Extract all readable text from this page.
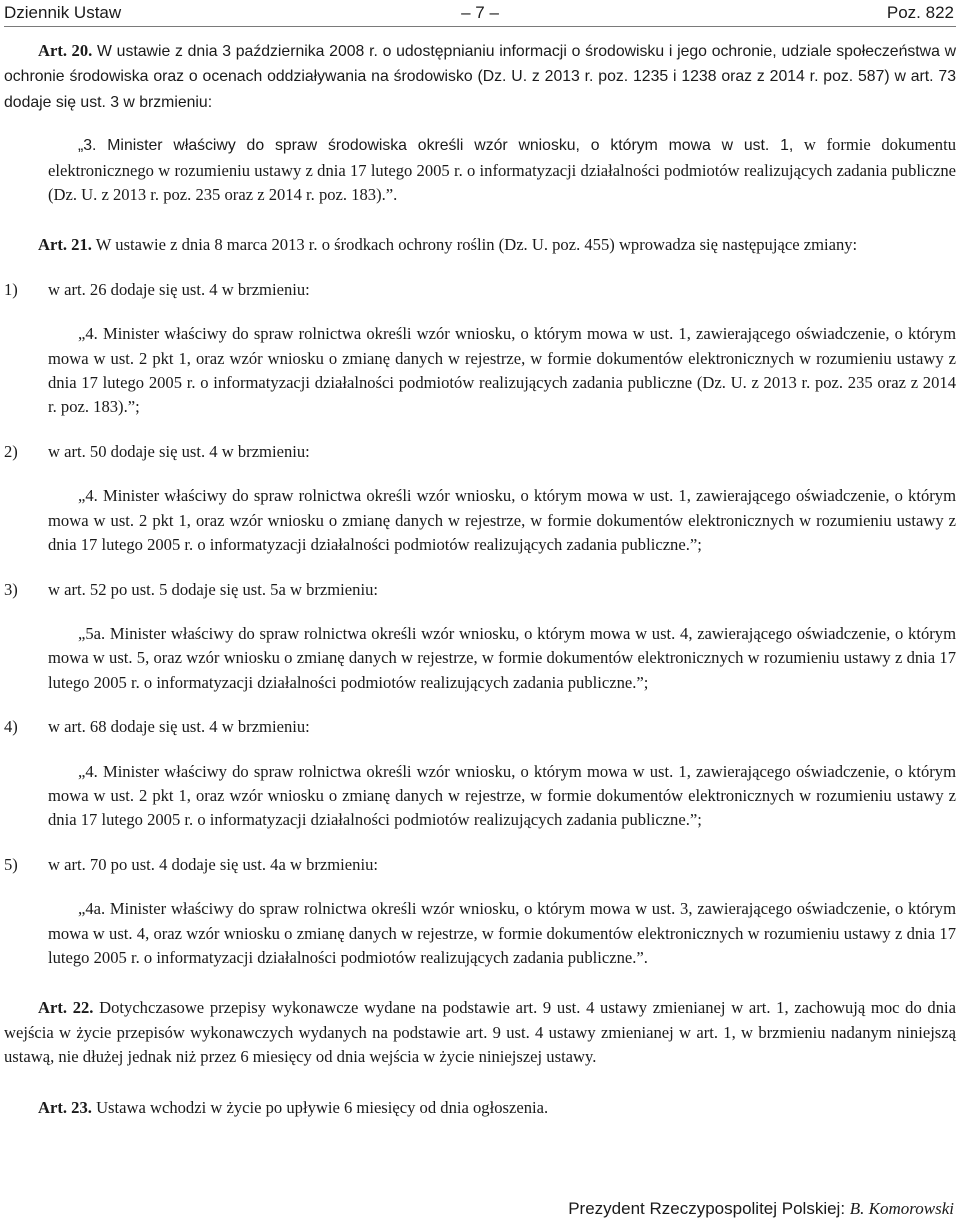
Dziennik Ustaw	– 7 –	Poz. 822

Art. 20. W ustawie z dnia 3 października 2008 r. o udostępnianiu informacji o środowisku i jego ochronie, udziale społeczeństwa w ochronie środowiska oraz o ocenach oddziaływania na środowisko (Dz. U. z 2013 r. poz. 1235 i 1238 oraz z 2014 r. poz. 587) w art. 73 dodaje się ust. 3 w brzmieniu:

„3. Minister właściwy do spraw środowiska określi wzór wniosku, o którym mowa w ust. 1, w formie dokumentu elektronicznego w rozumieniu ustawy z dnia 17 lutego 2005 r. o informatyzacji działalności podmiotów realizujących zadania publiczne (Dz. U. z 2013 r. poz. 235 oraz z 2014 r. poz. 183).”.

Art. 21. W ustawie z dnia 8 marca 2013 r. o środkach ochrony roślin (Dz. U. poz. 455) wprowadza się następujące zmiany:

1) w art. 26 dodaje się ust. 4 w brzmieniu:

„4. Minister właściwy do spraw rolnictwa określi wzór wniosku, o którym mowa w ust. 1, zawierającego oświadczenie, o którym mowa w ust. 2 pkt 1, oraz wzór wniosku o zmianę danych w rejestrze, w formie dokumentów elektronicznych w rozumieniu ustawy z dnia 17 lutego 2005 r. o informatyzacji działalności podmiotów realizujących zadania publiczne (Dz. U. z 2013 r. poz. 235 oraz z 2014 r. poz. 183).”;

2) w art. 50 dodaje się ust. 4 w brzmieniu:

„4. Minister właściwy do spraw rolnictwa określi wzór wniosku, o którym mowa w ust. 1, zawierającego oświadczenie, o którym mowa w ust. 2 pkt 1, oraz wzór wniosku o zmianę danych w rejestrze, w formie dokumentów elektronicznych w rozumieniu ustawy z dnia 17 lutego 2005 r. o informatyzacji działalności podmiotów realizujących zadania publiczne.”;

3) w art. 52 po ust. 5 dodaje się ust. 5a w brzmieniu:

„5a. Minister właściwy do spraw rolnictwa określi wzór wniosku, o którym mowa w ust. 4, zawierającego oświadczenie, o którym mowa w ust. 5, oraz wzór wniosku o zmianę danych w rejestrze, w formie dokumentów elektronicznych w rozumieniu ustawy z dnia 17 lutego 2005 r. o informatyzacji działalności podmiotów realizujących zadania publiczne.”;

4) w art. 68 dodaje się ust. 4 w brzmieniu:

„4. Minister właściwy do spraw rolnictwa określi wzór wniosku, o którym mowa w ust. 1, zawierającego oświadczenie, o którym mowa w ust. 2 pkt 1, oraz wzór wniosku o zmianę danych w rejestrze, w formie dokumentów elektronicznych w rozumieniu ustawy z dnia 17 lutego 2005 r. o informatyzacji działalności podmiotów realizujących zadania publiczne.”;

5) w art. 70 po ust. 4 dodaje się ust. 4a w brzmieniu:

„4a. Minister właściwy do spraw rolnictwa określi wzór wniosku, o którym mowa w ust. 3, zawierającego oświadczenie, o którym mowa w ust. 4, oraz wzór wniosku o zmianę danych w rejestrze, w formie dokumentów elektronicznych w rozumieniu ustawy z dnia 17 lutego 2005 r. o informatyzacji działalności podmiotów realizujących zadania publiczne.”.

Art. 22. Dotychczasowe przepisy wykonawcze wydane na podstawie art. 9 ust. 4 ustawy zmienianej w art. 1, zachowują moc do dnia wejścia w życie przepisów wykonawczych wydanych na podstawie art. 9 ust. 4 ustawy zmienianej w art. 1, w brzmieniu nadanym niniejszą ustawą, nie dłużej jednak niż przez 6 miesięcy od dnia wejścia w życie niniejszej ustawy.

Art. 23. Ustawa wchodzi w życie po upływie 6 miesięcy od dnia ogłoszenia.

Prezydent Rzeczypospolitej Polskiej: B. Komorowski
